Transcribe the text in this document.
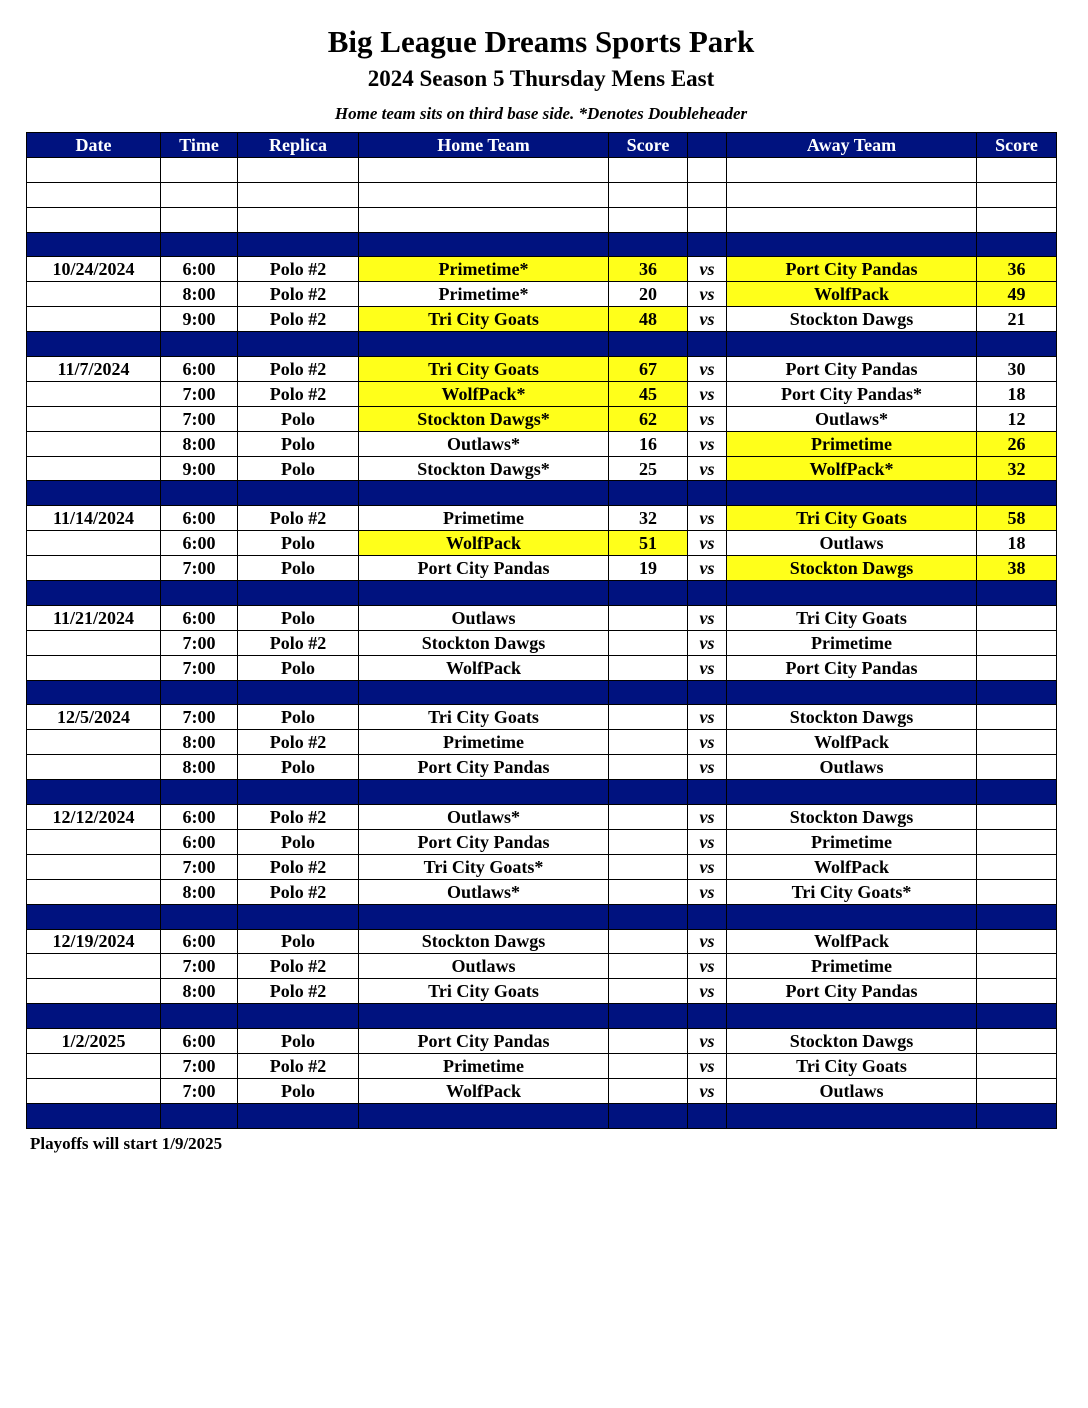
Big League Dreams Sports Park
2024 Season 5 Thursday Mens East
Home team sits on third base side. *Denotes Doubleheader
Date	Time	Replica	Home Team	Score		Away Team	Score

10/24/2024	6:00	Polo #2	Primetime*	36	vs	Port City Pandas	36
	8:00	Polo #2	Primetime*	20	vs	WolfPack	49
	9:00	Polo #2	Tri City Goats	48	vs	Stockton Dawgs	21

11/7/2024	6:00	Polo #2	Tri City Goats	67	vs	Port City Pandas	30
	7:00	Polo #2	WolfPack*	45	vs	Port City Pandas*	18
	7:00	Polo	Stockton Dawgs*	62	vs	Outlaws*	12
	8:00	Polo	Outlaws*	16	vs	Primetime	26
	9:00	Polo	Stockton Dawgs*	25	vs	WolfPack*	32

11/14/2024	6:00	Polo #2	Primetime	32	vs	Tri City Goats	58
	6:00	Polo	WolfPack	51	vs	Outlaws	18
	7:00	Polo	Port City Pandas	19	vs	Stockton Dawgs	38

11/21/2024	6:00	Polo	Outlaws		vs	Tri City Goats	
	7:00	Polo #2	Stockton Dawgs		vs	Primetime	
	7:00	Polo	WolfPack		vs	Port City Pandas	

12/5/2024	7:00	Polo	Tri City Goats		vs	Stockton Dawgs	
	8:00	Polo #2	Primetime		vs	WolfPack	
	8:00	Polo	Port City Pandas		vs	Outlaws	

12/12/2024	6:00	Polo #2	Outlaws*		vs	Stockton Dawgs	
	6:00	Polo	Port City Pandas		vs	Primetime	
	7:00	Polo #2	Tri City Goats*		vs	WolfPack	
	8:00	Polo #2	Outlaws*		vs	Tri City Goats*	

12/19/2024	6:00	Polo	Stockton Dawgs		vs	WolfPack	
	7:00	Polo #2	Outlaws		vs	Primetime	
	8:00	Polo #2	Tri City Goats		vs	Port City Pandas	

1/2/2025	6:00	Polo	Port City Pandas		vs	Stockton Dawgs	
	7:00	Polo #2	Primetime		vs	Tri City Goats	
	7:00	Polo	WolfPack		vs	Outlaws	

Playoffs will start 1/9/2025
